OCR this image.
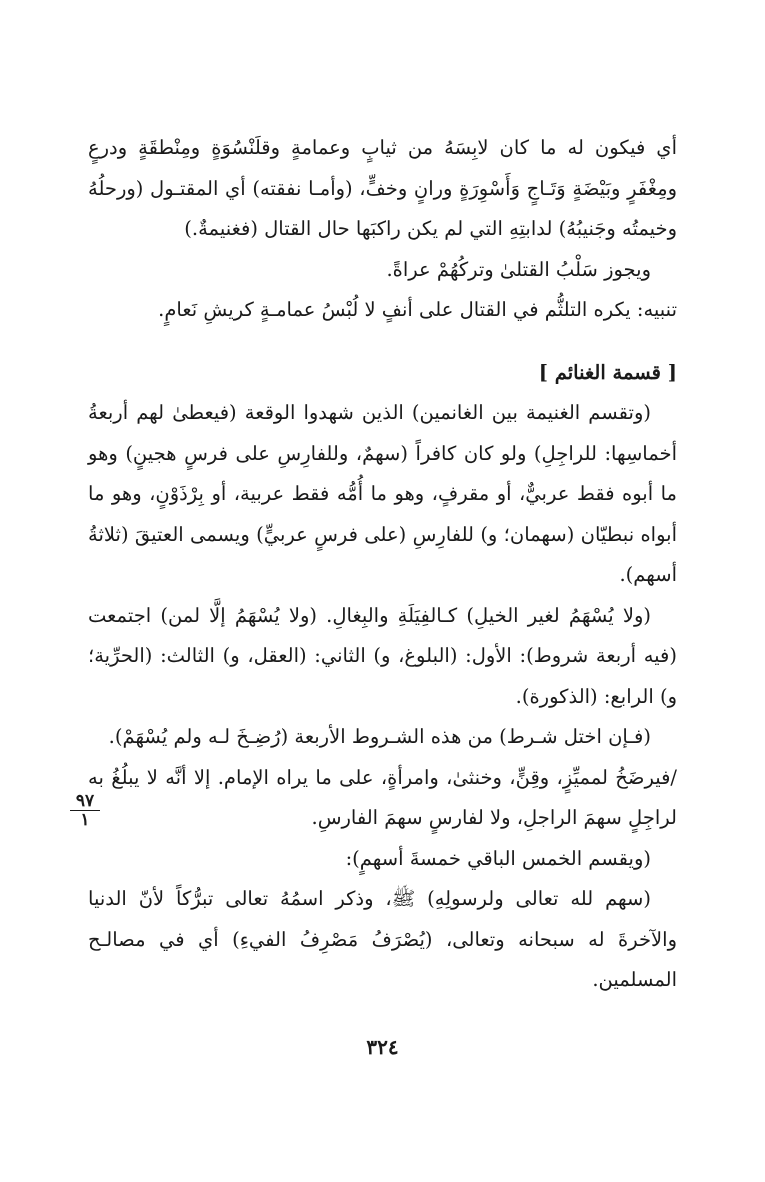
أي فيكون له ما كان لابِسَهُ من ثيابٍ وعمامةٍ وقلَنْسُوَةٍ ومِنْطقَةٍ ودرعٍ ومِغْفَرٍ وبَيْضَةٍ وَتَـاجٍ وَأَسْوِرَةٍ ورانٍ وخفٍّ، (وأمـا نفقته) أي المقتـول (ورحلُهُ وخيمتُه وجَنيبُهُ) لدابتِهِ التي لم يكن راكبَها حال القتال (فغنيمةٌ.)

ويجوز سَلْبُ القتلىٰ وتركُهُمْ عراةً.

تنبيه: يكره التلثُّم في القتال على أنفٍ لا لُبْسُ عمامـةٍ كريشِ نَعامٍ.

[ قسمة الغنائم ]

(وتقسم الغنيمة بين الغانمين) الذين شهدوا الوقعة (فيعطىٰ لهم أربعةُ أخماسِها: للراجِلِ) ولو كان كافراً (سهمٌ، وللفارِسِ على فرسٍ هجينٍ) وهو ما أبوه فقط عربيٌّ، أو مقرفٍ، وهو ما أُمُّه فقط عربية، أو بِرْذَوْنٍ، وهو ما أبواه نبطيّان (سهمان؛ و) للفارِسِ (على فرسٍ عربيٍّ) ويسمى العتيقَ (ثلاثةُ أسهم).

(ولا يُسْهَمُ لغير الخيلِ) كـالفِيَلَةِ والبِغالِ. (ولا يُسْهَمُ إلَّا لمن) اجتمعت (فيه أربعة شروط): الأول: (البلوغ، و) الثاني: (العقل، و) الثالث: (الحرِّية؛ و) الرابع: (الذكورة).

(فـإن اختل شـرط) من هذه الشـروط الأربعة (رُضِـخَ لـه ولم يُسْهَمْ).

/فيرضَخُ لمميِّزٍ، وقِنٍّ، وخنثىٰ، وامرأةٍ، على ما يراه الإمام. إلا أنَّه لا يبلُغُ به لراجِلٍ سهمَ الراجلِ، ولا لفارسٍ سهمَ الفارسِ.

(ويقسم الخمس الباقي خمسةَ أسهمٍ):

(سهم لله تعالى ولرسولِهِ) ﷺ، وذكر اسمُهُ تعالى تبرُّكاً لأنّ الدنيا والآخرةَ له سبحانه وتعالى، (يُصْرَفُ مَصْرِفُ الفيءِ) أي في مصالـح المسلمين.

٩٧
١
٣٢٤
